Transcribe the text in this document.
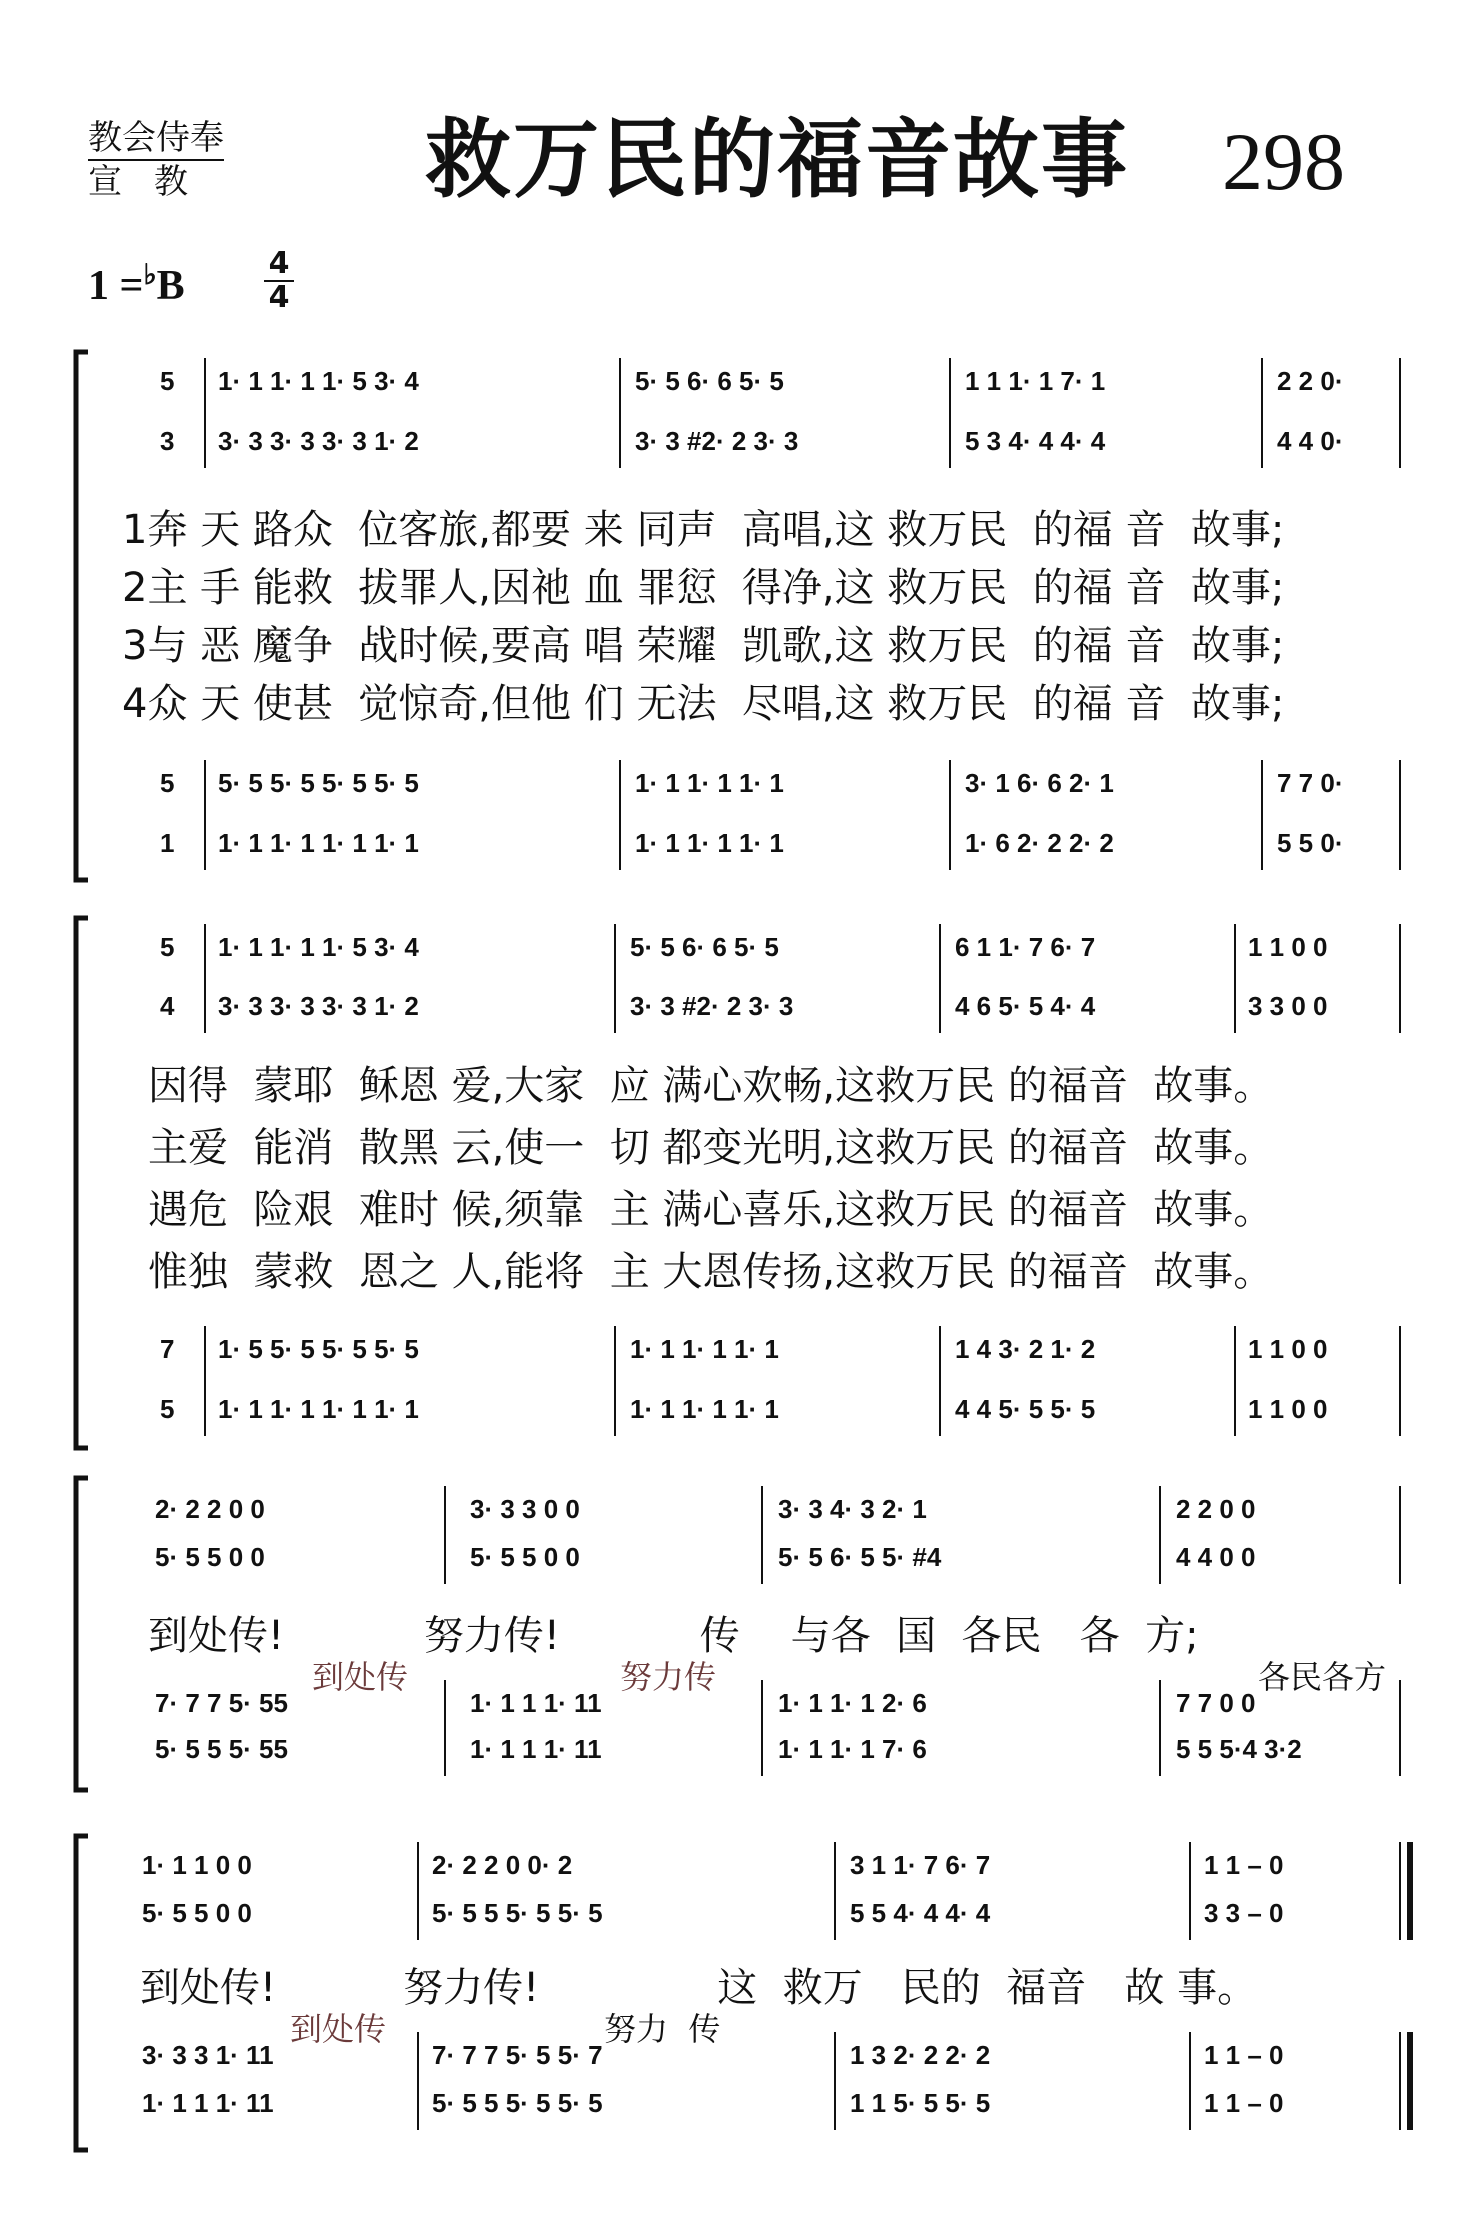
教会侍奉
宣教 救万民的福音故事 298
1 =♭B	4
4
1奔 天 路众  位客旅,都要 来 同声  高唱,这 救万民  的福 音  故事;
2主 手 能救  拔罪人,因祂 血 罪愆  得净,这 救万民  的福 音  故事;
3与 恶 魔争  战时候,要高 唱 荣耀  凯歌,这 救万民  的福 音  故事;
4众 天 使甚  觉惊奇,但他 们 无法  尽唱,这 救万民  的福 音  故事;
因得  蒙耶  稣恩 爱,大家  应 满心欢畅,这救万民 的福音  故事。
主爱  能消  散黑 云,使一  切 都变光明,这救万民 的福音  故事。
遇危  险艰  难时 候,须靠  主 满心喜乐,这救万民 的福音  故事。
惟独  蒙救  恩之 人,能将  主 大恩传扬,这救万民 的福音  故事。
到处传!           努力传!           传    与各  国  各民   各  方;
到处传	努力传	各民各方
到处传!          努力传!              这  救万   民的  福音   故 事。
到处传	努力  传
5 1· 1 1· 1 1· 5 3· 4	5· 5 6· 6 5· 5	1 1 1· 1 7· 1	2 2 0·
3 3· 3 3· 3 3· 3 1· 2	3· 3 #2· 2 3· 3	5 3 4· 4 4· 4	4 4 0·
5 5· 5 5· 5 5· 5 5· 5	1· 1 1· 1 1· 1	3· 1 6· 6 2· 1	7 7 0·
1 1· 1 1· 1 1· 1 1· 1	1· 1 1· 1 1· 1	1· 6 2· 2 2· 2	5 5 0·
5 1· 1 1· 1 1· 5 3· 4	5· 5 6· 6 5· 5	6 1 1· 7 6· 7	1 1 0 0
4 3· 3 3· 3 3· 3 1· 2	3· 3 #2· 2 3· 3	4 6 5· 5 4· 4	3 3 0 0
7 1· 5 5· 5 5· 5 5· 5	1· 1 1· 1 1· 1	1 4 3· 2 1· 2	1 1 0 0
5 1· 1 1· 1 1· 1 1· 1	1· 1 1· 1 1· 1	4 4 5· 5 5· 5	1 1 0 0
2· 2 2 0 0	3· 3 3 0 0	3· 3 4· 3 2· 1	2 2 0 0
5· 5 5 0 0	5· 5 5 0 0	5· 5 6· 5 5· #4	4 4 0 0
7· 7 7 5· 55	1· 1 1 1· 11	1· 1 1· 1 2· 6	7 7 0 0
5· 5 5 5· 55	1· 1 1 1· 11	1· 1 1· 1 7· 6	5 5 5·4 3·2
1· 1 1 0 0	2· 2 2 0 0· 2	3 1 1· 7 6· 7	1 1 – 0
5· 5 5 0 0	5· 5 5 5· 5 5· 5	5 5 4· 4 4· 4	3 3 – 0
3· 3 3 1· 11	7· 7 7 5· 5 5· 7	1 3 2· 2 2· 2	1 1 – 0
1· 1 1 1· 11	5· 5 5 5· 5 5· 5	1 1 5· 5 5· 5	1 1 – 0
